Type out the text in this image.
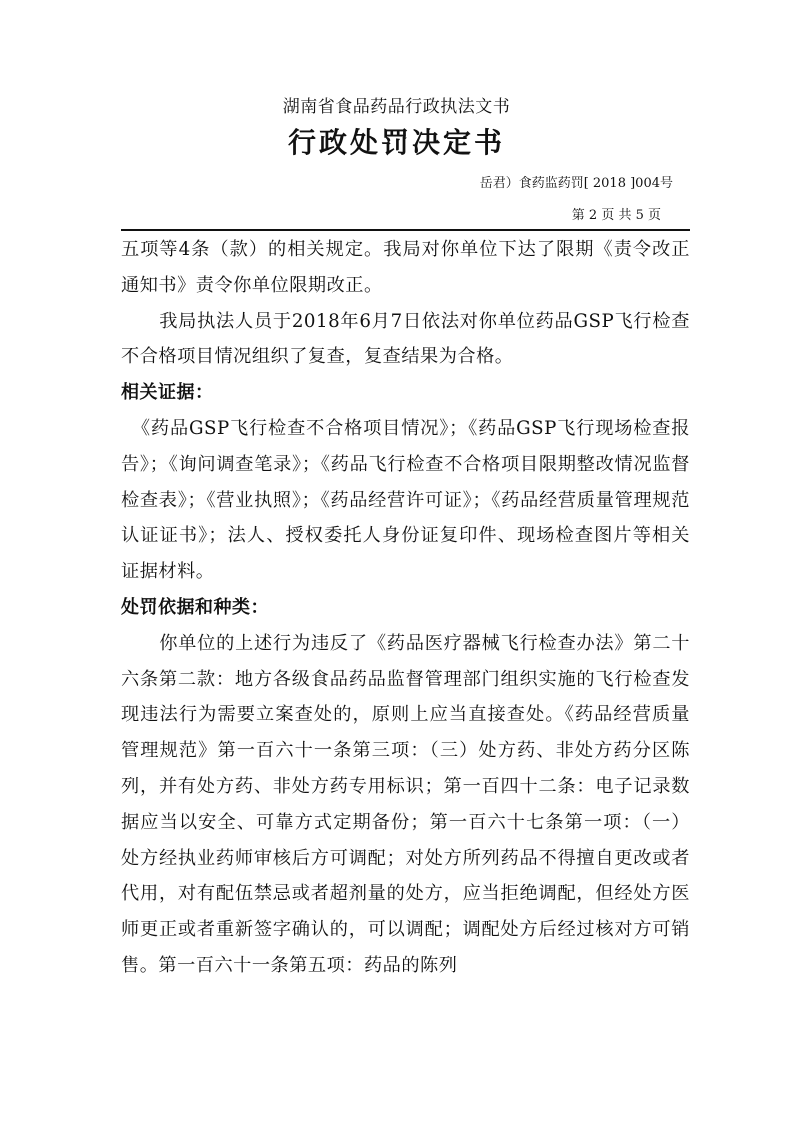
湖南省食品药品行政执法文书
行政处罚决定书
岳君）食药监药罚[ 2018 ]004号
第 2 页 共 5 页

五项等4条（款）的相关规定。我局对你单位下达了限期《责令改正通知书》责令你单位限期改正。

我局执法人员于2018年6月7日依法对你单位药品GSP飞行检查不合格项目情况组织了复查，复查结果为合格。

相关证据：

《药品GSP飞行检查不合格项目情况》；《药品GSP飞行现场检查报告》；《询问调查笔录》；《药品飞行检查不合格项目限期整改情况监督检查表》；《营业执照》；《药品经营许可证》；《药品经营质量管理规范认证证书》；法人、授权委托人身份证复印件、现场检查图片等相关证据材料。

处罚依据和种类：

你单位的上述行为违反了《药品医疗器械飞行检查办法》第二十六条第二款：地方各级食品药品监督管理部门组织实施的飞行检查发现违法行为需要立案查处的，原则上应当直接查处。《药品经营质量管理规范》第一百六十一条第三项：（三）处方药、非处方药分区陈列，并有处方药、非处方药专用标识；第一百四十二条：电子记录数据应当以安全、可靠方式定期备份；第一百六十七条第一项：（一）处方经执业药师审核后方可调配；对处方所列药品不得擅自更改或者代用，对有配伍禁忌或者超剂量的处方，应当拒绝调配，但经处方医师更正或者重新签字确认的，可以调配；调配处方后经过核对方可销售。第一百六十一条第五项：药品的陈列
